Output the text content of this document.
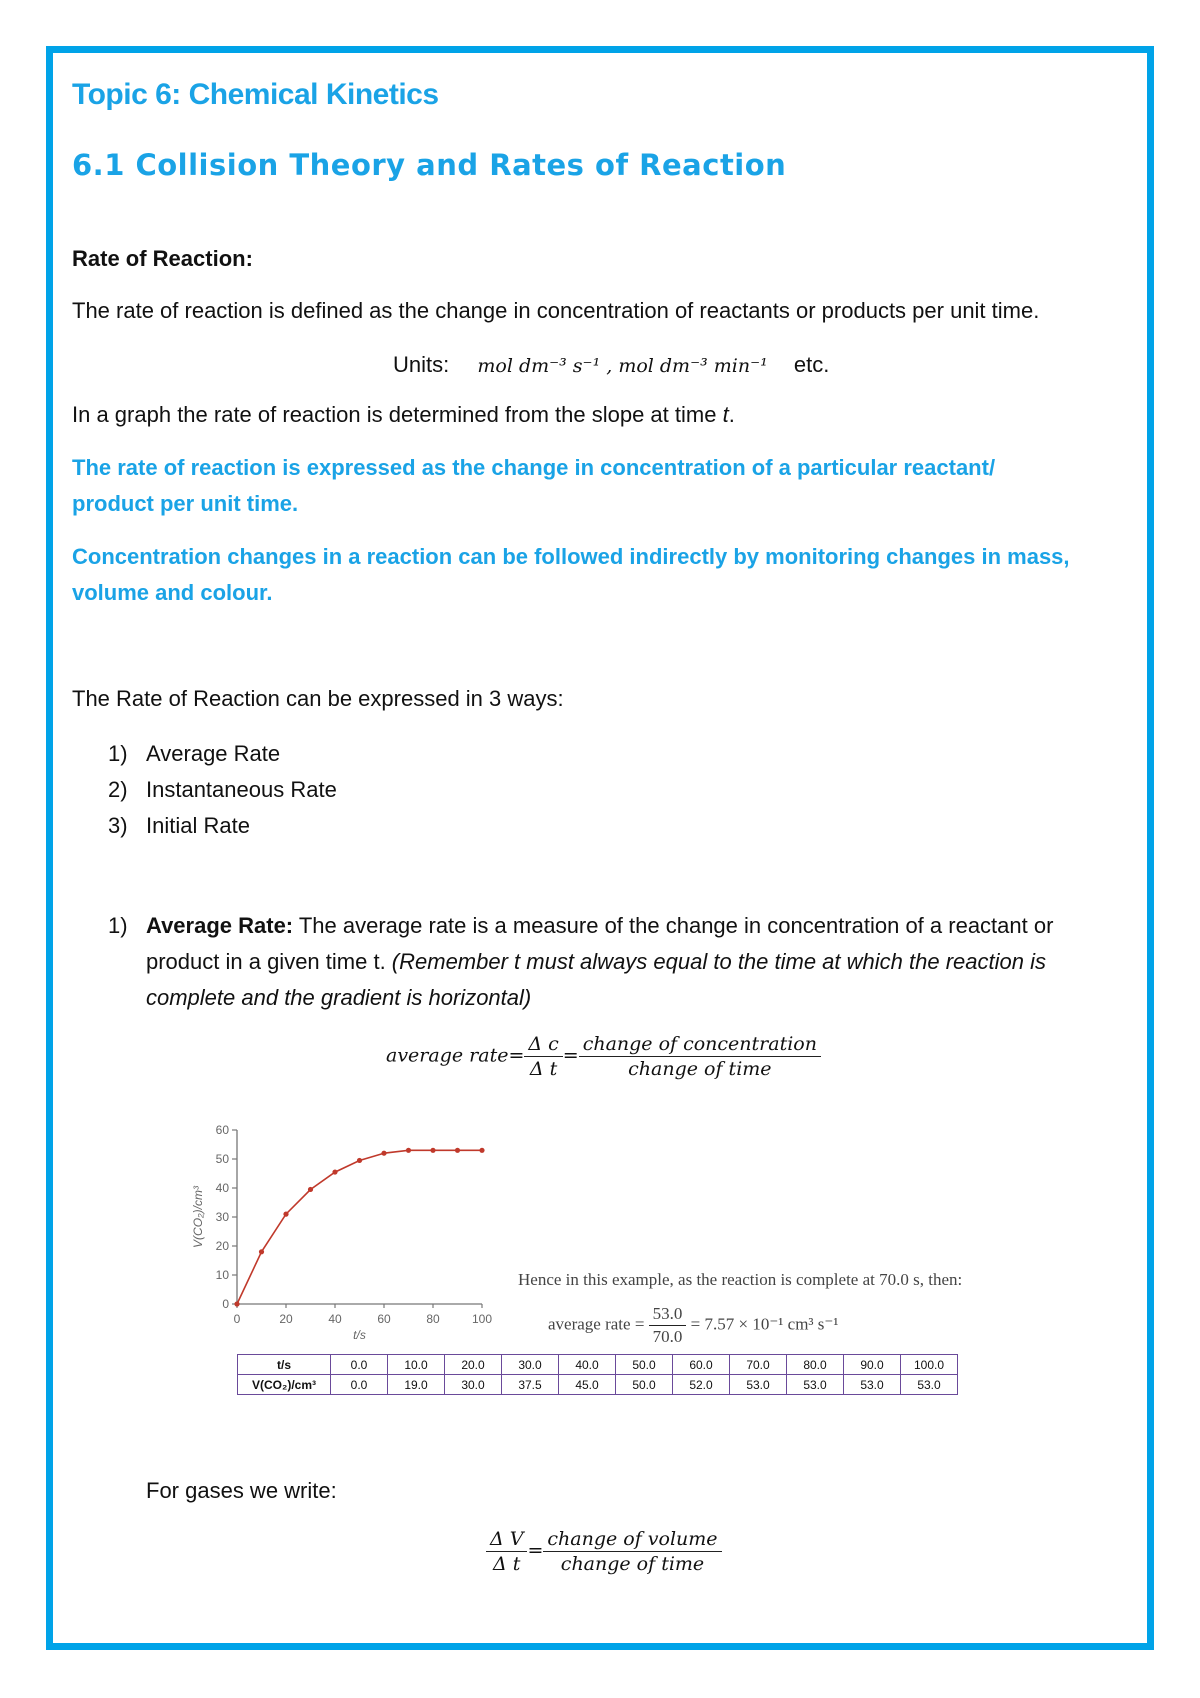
Topic 6: Chemical Kinetics
6.1 Collision Theory and Rates of Reaction
Rate of Reaction:
The rate of reaction is defined as the change in concentration of reactants or products per unit time.
Units: mol dm⁻³ s⁻¹ , mol dm⁻³ min⁻¹ etc.
In a graph the rate of reaction is determined from the slope at time t.
The rate of reaction is expressed as the change in concentration of a particular reactant/
product per unit time.
Concentration changes in a reaction can be followed indirectly by monitoring changes in mass,
volume and colour.
The Rate of Reaction can be expressed in 3 ways:
1) Average Rate
2) Instantaneous Rate
3) Initial Rate
1) Average Rate: The average rate is a measure of the change in concentration of a reactant or
product in a given time t. (Remember t must always equal to the time at which the reaction is
complete and the gradient is horizontal)
average rate= $\frac{\text{Δ c}}{\text{Δ t}} = \frac{\text{change of concentration}}{\text{change of time}}$
0
10
20
30
40
50
60
0	20	40	60	80	100
t/s
V(CO₂)/cm³
Hence in this example, as the reaction is complete at 70.0 s, then:
average rate = $\frac{53.0}{70.0} = 7.57 \times 10^{-1}$ cm³ s⁻¹
t/s	0.0	10.0	20.0	30.0	40.0	50.0	60.0	70.0	80.0	90.0	100.0
V(CO₂)/cm³	0.0	19.0	30.0	37.5	45.0	50.0	52.0	53.0	53.0	53.0	53.0
For gases we write:
$\frac{\text{Δ V}}{\text{Δ t}} = \frac{\text{change of volume}}{\text{change of time}}$
